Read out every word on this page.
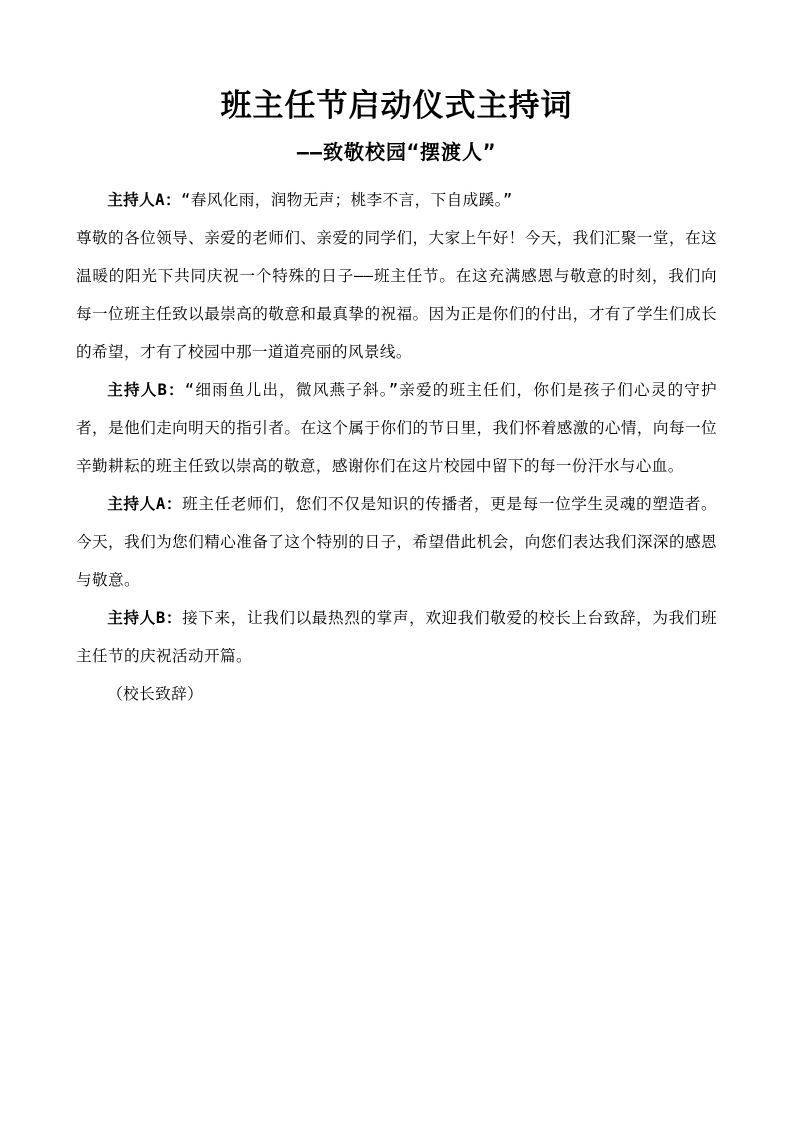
班主任节启动仪式主持词
——致敬校园“摆渡人”

主持人A：“春风化雨，润物无声；桃李不言，下自成蹊。”

尊敬的各位领导、亲爱的老师们、亲爱的同学们，大家上午好！今天，我们汇聚一堂，在这温暖的阳光下共同庆祝一个特殊的日子——班主任节。在这充满感恩与敬意的时刻，我们向每一位班主任致以最崇高的敬意和最真挚的祝福。因为正是你们的付出，才有了学生们成长的希望，才有了校园中那一道道亮丽的风景线。

主持人B：“细雨鱼儿出，微风燕子斜。”亲爱的班主任们，你们是孩子们心灵的守护者，是他们走向明天的指引者。在这个属于你们的节日里，我们怀着感激的心情，向每一位辛勤耕耘的班主任致以崇高的敬意，感谢你们在这片校园中留下的每一份汗水与心血。

主持人A：班主任老师们，您们不仅是知识的传播者，更是每一位学生灵魂的塑造者。今天，我们为您们精心准备了这个特别的日子，希望借此机会，向您们表达我们深深的感恩与敬意。

主持人B：接下来，让我们以最热烈的掌声，欢迎我们敬爱的校长上台致辞，为我们班主任节的庆祝活动开篇。

（校长致辞）
